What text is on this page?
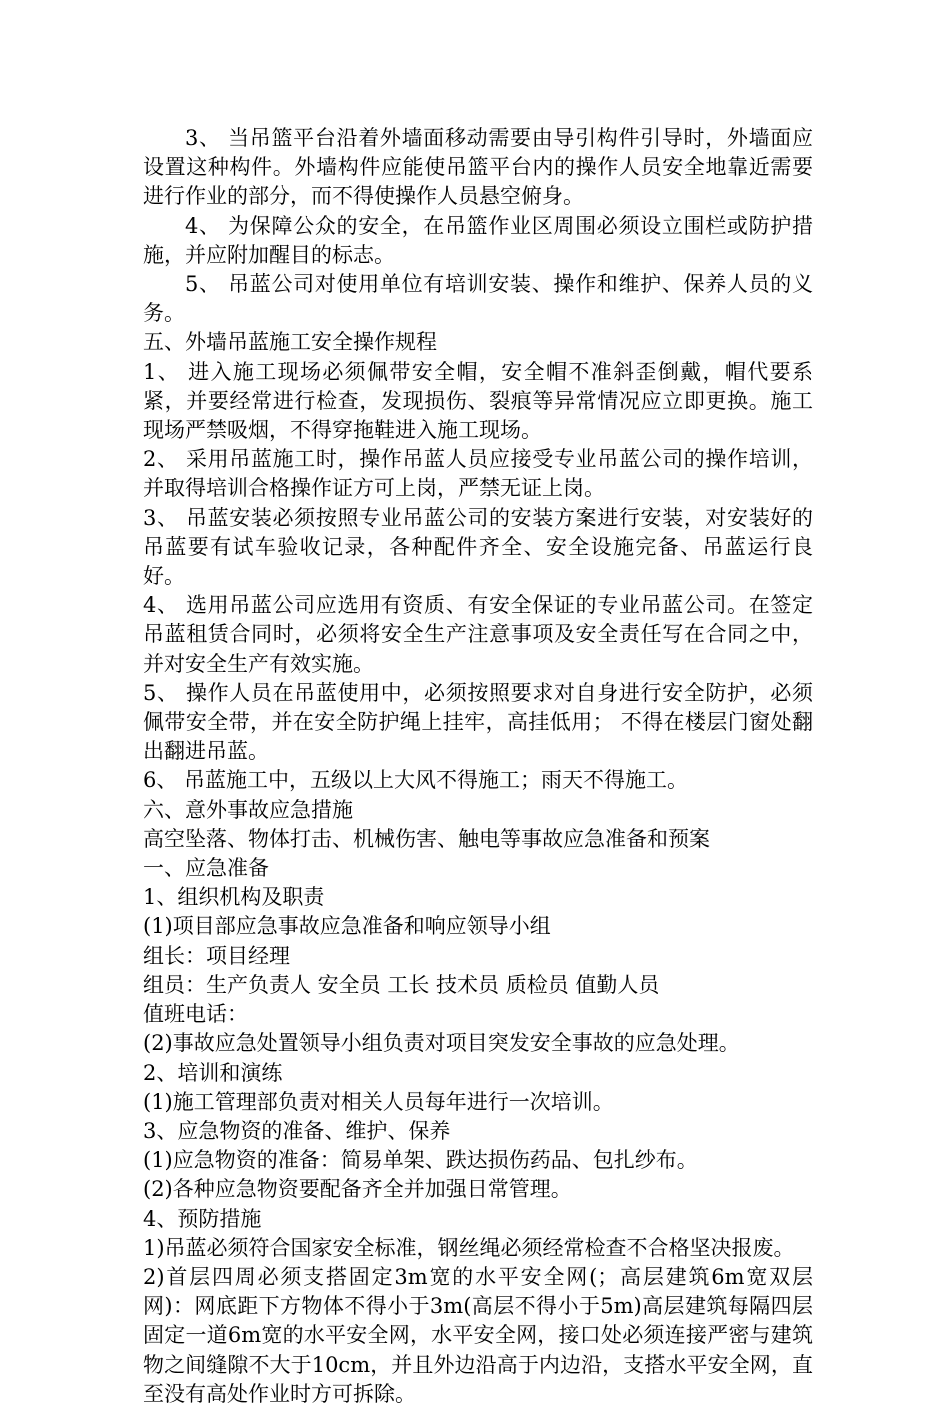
3、 当吊篮平台沿着外墙面移动需要由导引构件引导时，外墙面应设置这种构件。外墙构件应能使吊篮平台内的操作人员安全地靠近需要进行作业的部分，而不得使操作人员悬空俯身。

4、 为保障公众的安全，在吊篮作业区周围必须设立围栏或防护措施，并应附加醒目的标志。

5、 吊蓝公司对使用单位有培训安装、操作和维护、保养人员的义务。

五、外墙吊蓝施工安全操作规程

1、 进入施工现场必须佩带安全帽，安全帽不准斜歪倒戴，帽代要系紧，并要经常进行检查，发现损伤、裂痕等异常情况应立即更换。施工现场严禁吸烟，不得穿拖鞋进入施工现场。

2、 采用吊蓝施工时，操作吊蓝人员应接受专业吊蓝公司的操作培训，并取得培训合格操作证方可上岗，严禁无证上岗。

3、 吊蓝安装必须按照专业吊蓝公司的安装方案进行安装，对安装好的吊蓝要有试车验收记录，各种配件齐全、安全设施完备、吊蓝运行良好。

4、 选用吊蓝公司应选用有资质、有安全保证的专业吊蓝公司。在签定吊蓝租赁合同时，必须将安全生产注意事项及安全责任写在合同之中，并对安全生产有效实施。

5、 操作人员在吊蓝使用中，必须按照要求对自身进行安全防护，必须佩带安全带，并在安全防护绳上挂牢，高挂低用； 不得在楼层门窗处翻出翻进吊蓝。

6、 吊蓝施工中，五级以上大风不得施工；雨天不得施工。

六、意外事故应急措施

高空坠落、物体打击、机械伤害、触电等事故应急准备和预案

一、应急准备

1、组织机构及职责

(1)项目部应急事故应急准备和响应领导小组

组长：项目经理

组员：生产负责人 安全员 工长 技术员 质检员 值勤人员

值班电话：

(2)事故应急处置领导小组负责对项目突发安全事故的应急处理。

2、培训和演练

(1)施工管理部负责对相关人员每年进行一次培训。

3、应急物资的准备、维护、保养

(1)应急物资的准备：简易单架、跌达损伤药品、包扎纱布。

(2)各种应急物资要配备齐全并加强日常管理。

4、预防措施

1)吊蓝必须符合国家安全标准，钢丝绳必须经常检查不合格坚决报废。

2)首层四周必须支搭固定3m宽的水平安全网(；高层建筑6m宽双层网)：网底距下方物体不得小于3m(高层不得小于5m)高层建筑每隔四层固定一道6m宽的水平安全网，水平安全网，接口处必须连接严密与建筑物之间缝隙不大于10cm，并且外边沿高于内边沿，支搭水平安全网，直至没有高处作业时方可拆除。
